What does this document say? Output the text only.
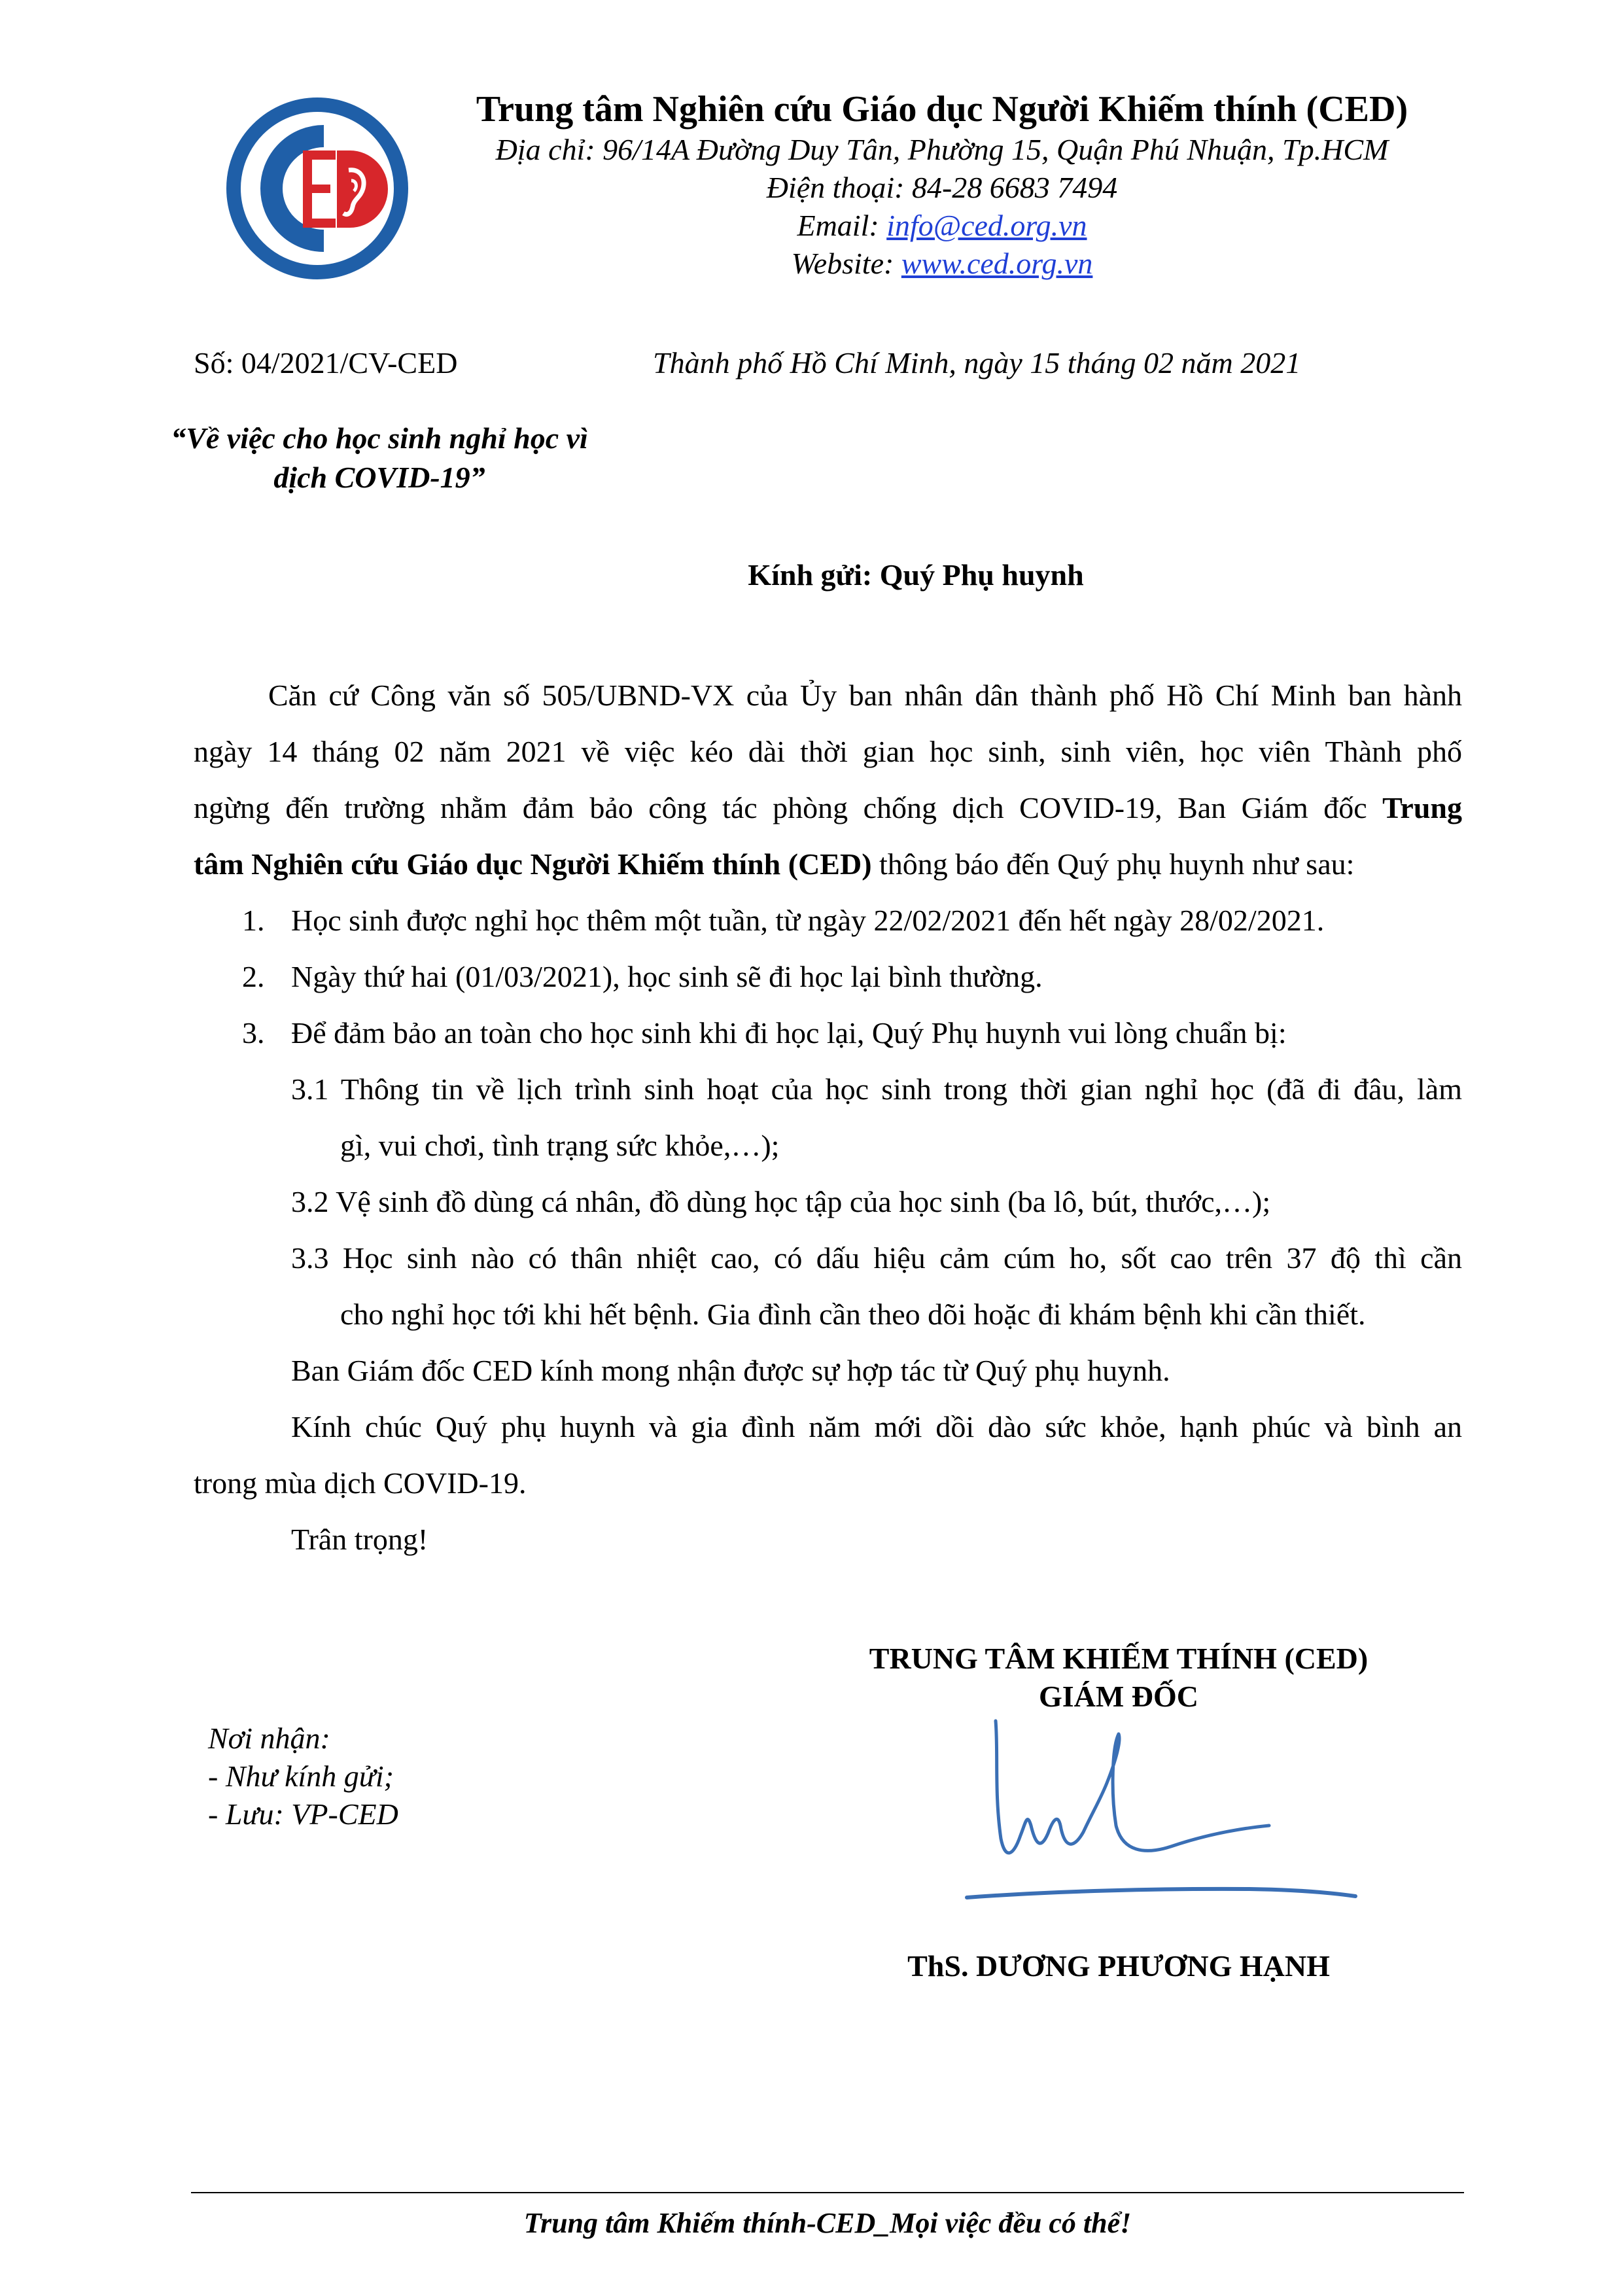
Trung tâm Nghiên cứu Giáo dục Người Khiếm thính (CED)
Địa chỉ: 96/14A Đường Duy Tân, Phường 15, Quận Phú Nhuận, Tp.HCM
Điện thoại: 84-28 6683 7494
Email: info@ced.org.vn
Website: www.ced.org.vn
Số: 04/2021/CV-CED	Thành phố Hồ Chí Minh, ngày 15 tháng 02 năm 2021
“Về việc cho học sinh nghỉ học vì
dịch COVID-19”
Kính gửi: Quý Phụ huynh
Căn cứ Công văn số 505/UBND-VX của Ủy ban nhân dân thành phố Hồ Chí Minh ban hành
ngày 14 tháng 02 năm 2021 về việc kéo dài thời gian học sinh, sinh viên, học viên Thành phố
ngừng đến trường nhằm đảm bảo công tác phòng chống dịch COVID-19, Ban Giám đốc Trung
tâm Nghiên cứu Giáo dục Người Khiếm thính (CED) thông báo đến Quý phụ huynh như sau:
1. Học sinh được nghỉ học thêm một tuần, từ ngày 22/02/2021 đến hết ngày 28/02/2021.
2. Ngày thứ hai (01/03/2021), học sinh sẽ đi học lại bình thường.
3. Để đảm bảo an toàn cho học sinh khi đi học lại, Quý Phụ huynh vui lòng chuẩn bị:
3.1 Thông tin về lịch trình sinh hoạt của học sinh trong thời gian nghỉ học (đã đi đâu, làm
gì, vui chơi, tình trạng sức khỏe,…);
3.2 Vệ sinh đồ dùng cá nhân, đồ dùng học tập của học sinh (ba lô, bút, thước,…);
3.3 Học sinh nào có thân nhiệt cao, có dấu hiệu cảm cúm ho, sốt cao trên 37 độ thì cần
cho nghỉ học tới khi hết bệnh. Gia đình cần theo dõi hoặc đi khám bệnh khi cần thiết.
Ban Giám đốc CED kính mong nhận được sự hợp tác từ Quý phụ huynh.
Kính chúc Quý phụ huynh và gia đình năm mới dồi dào sức khỏe, hạnh phúc và bình an
trong mùa dịch COVID-19.
Trân trọng!
TRUNG TÂM KHIẾM THÍNH (CED)
GIÁM ĐỐC
ThS. DƯƠNG PHƯƠNG HẠNH
Nơi nhận:
- Như kính gửi;
- Lưu: VP-CED
Trung tâm Khiếm thính-CED_Mọi việc đều có thể!
